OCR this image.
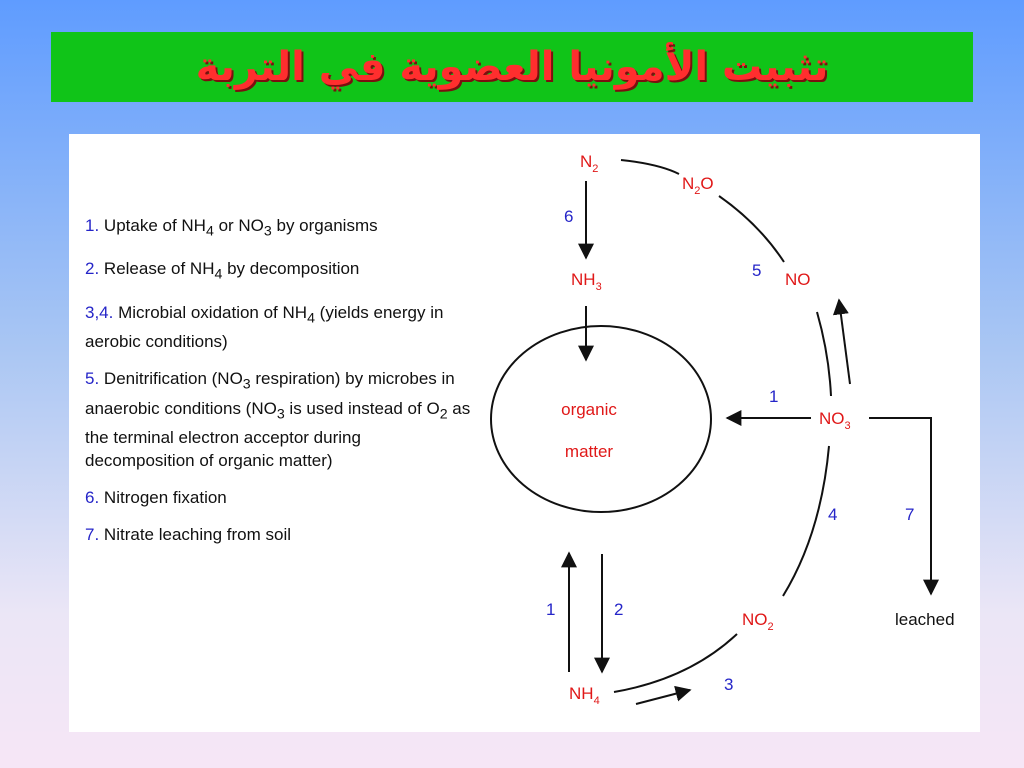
تثبيت الأمونيا العضوية في التربة
1. Uptake of $NH_4$ or $NO_3$ by organisms
2. Release of $NH_4$ by decomposition
3,4. Microbial oxidation of $NH_4$ (yields energy in aerobic conditions)
5. Denitrification ($NO_3$ respiration) by microbes in anaerobic conditions ($NO_3$ is used instead of $O_2$ as the terminal electron acceptor during decomposition of organic matter)
6. Nitrogen fixation
7. Nitrate leaching from soil
organic
matter
$N_2$
$N_2O$
NO
$NH_3$
$NO_3$
$NO_2$
$NH_4$
leached
6
5
1
4	7
1	2
3
